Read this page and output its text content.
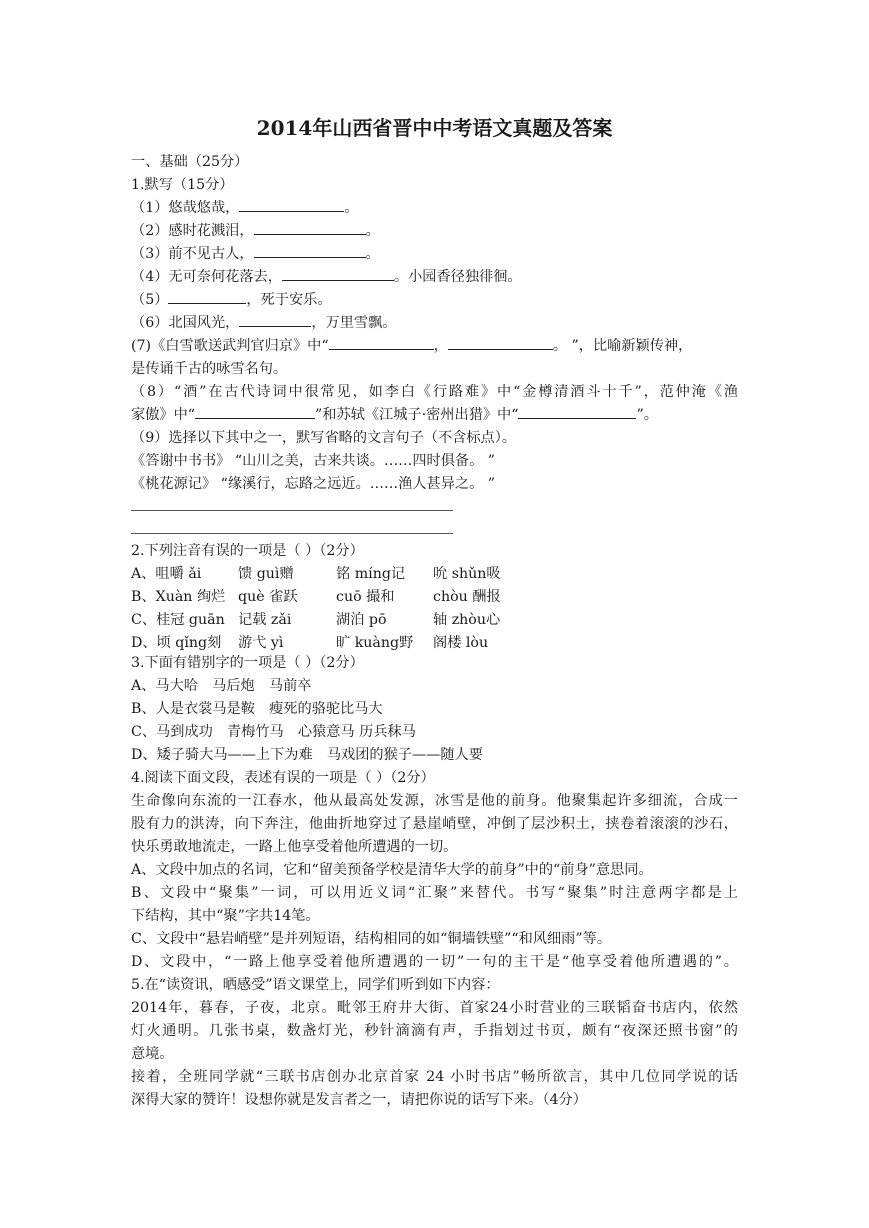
2014年山西省晋中中考语文真题及答案
一、基础（25分）
1.默写（15分）
（1）悠哉悠哉，	。
（2）感时花溅泪，	。
（3）前不见古人，	。
（4）无可奈何花落去，	。小园香径独徘徊。
（5）	，死于安乐。
（6）北国风光，	，万里雪飘。
(7)《白雪歌送武判官归京》中“	，	。 ”，比喻新颖传神，
是传诵千古的咏雪名句。
（8）“酒”在古代诗词中很常见，如李白《行路难》中“金樽清酒斗十千”，范仲淹《渔
家傲》中“	”和苏轼《江城子·密州出猎》中“	”。
（9）选择以下其中之一，默写省略的文言句子（不含标点）。
《答谢中书书》 “山川之美，古来共谈。……四时俱备。 ”
《桃花源记》 “缘溪行，忘路之远近。……渔人甚异之。 ”
2.下列注音有误的一项是（ ）（2分）
A、咀嚼 ǎi	馈 guì赠	铭 míng记 吮 shǔn吸
B、Xuàn 绚烂 què 雀跃	cuō 撮和	chòu 酬报
C、桂冠 guān 记载 zǎi	湖泊 pō	轴 zhòu心
D、顷 qǐng刻 游弋 yì	旷 kuàng野 阁楼 lòu
3.下面有错别字的一项是（ ）（2分）
A、马大哈　马后炮　马前卒
B、人是衣裳马是鞍　瘦死的骆驼比马大
C、马到成功　青梅竹马　心猿意马 历兵秣马
D、矮子骑大马——上下为难　马戏团的猴子——随人要
4.阅读下面文段，表述有误的一项是（ ）（2分）
生命像向东流的一江春水，他从最高处发源，冰雪是他的前身。他聚集起许多细流，合成一
股有力的洪涛，向下奔注，他曲折地穿过了悬崖峭壁，冲倒了层沙积土，挟卷着滚滚的沙石，
快乐勇敢地流走，一路上他享受着他所遭遇的一切。
A、文段中加点的名词，它和“留美预备学校是清华大学的前身”中的“前身”意思同。
B、文段中“聚集”一词，可以用近义词“汇聚”来替代。书写“聚集”时注意两字都是上
下结构，其中“聚”字共14笔。
C、文段中“悬岩峭壁”是并列短语，结构相同的如“铜墙铁壁”“和风细雨”等。
D、文段中，“一路上他享受着他所遭遇的一切”一句的主干是“他享受着他所遭遇的”。
5.在“读资讯，晒感受”语文课堂上，同学们听到如下内容：
2014年，暮春，子夜，北京。毗邻王府井大街、首家24小时营业的三联韬奋书店内，依然
灯火通明。几张书桌，数盏灯光，秒针滴滴有声，手指划过书页，颇有“夜深还照书窗”的
意境。
接着，全班同学就“三联书店创办北京首家 24 小时书店”畅所欲言，其中几位同学说的话
深得大家的赞许！设想你就是发言者之一，请把你说的话写下来。（4分）
